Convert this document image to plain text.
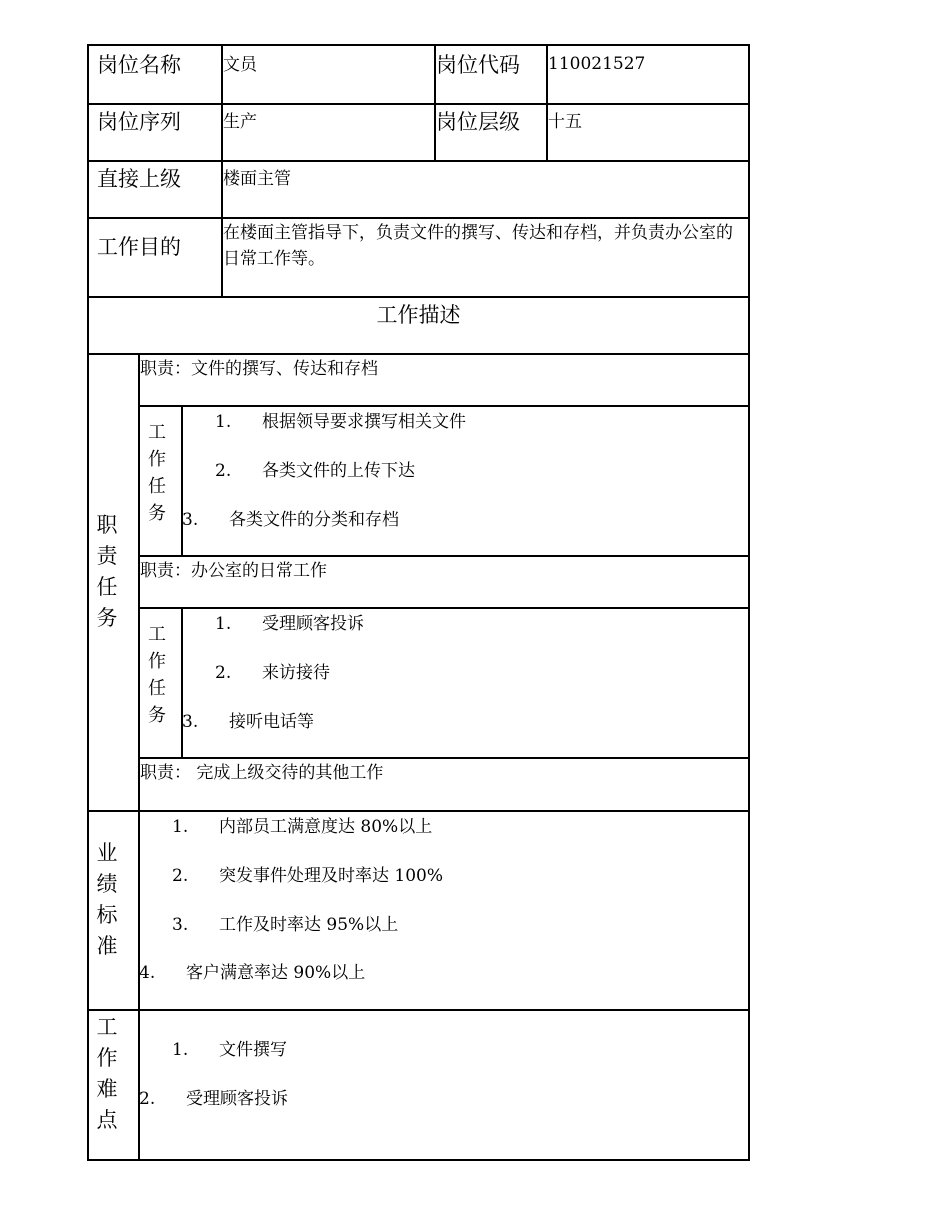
岗位名称 文员	岗位代码 110021527
岗位序列 生产	岗位层级 十五
直接上级 楼面主管
工作目的
在楼面主管指导下，负责文件的撰写、传达和存档，并负责办公室的日常工作等。
工作描述
职
责
任
务
职责：文件的撰写、传达和存档
工
作
任
务
1. 根据领导要求撰写相关文件
2. 各类文件的上传下达
3. 各类文件的分类和存档
职责：办公室的日常工作
工
作
任
务
1. 受理顾客投诉
2. 来访接待
3. 接听电话等
职责： 完成上级交待的其他工作
业
绩
标
准
1. 内部员工满意度达 80%以上
2. 突发事件处理及时率达 100%
3. 工作及时率达 95%以上
4. 客户满意率达 90%以上
工
作
难
点
1. 文件撰写
2. 受理顾客投诉
